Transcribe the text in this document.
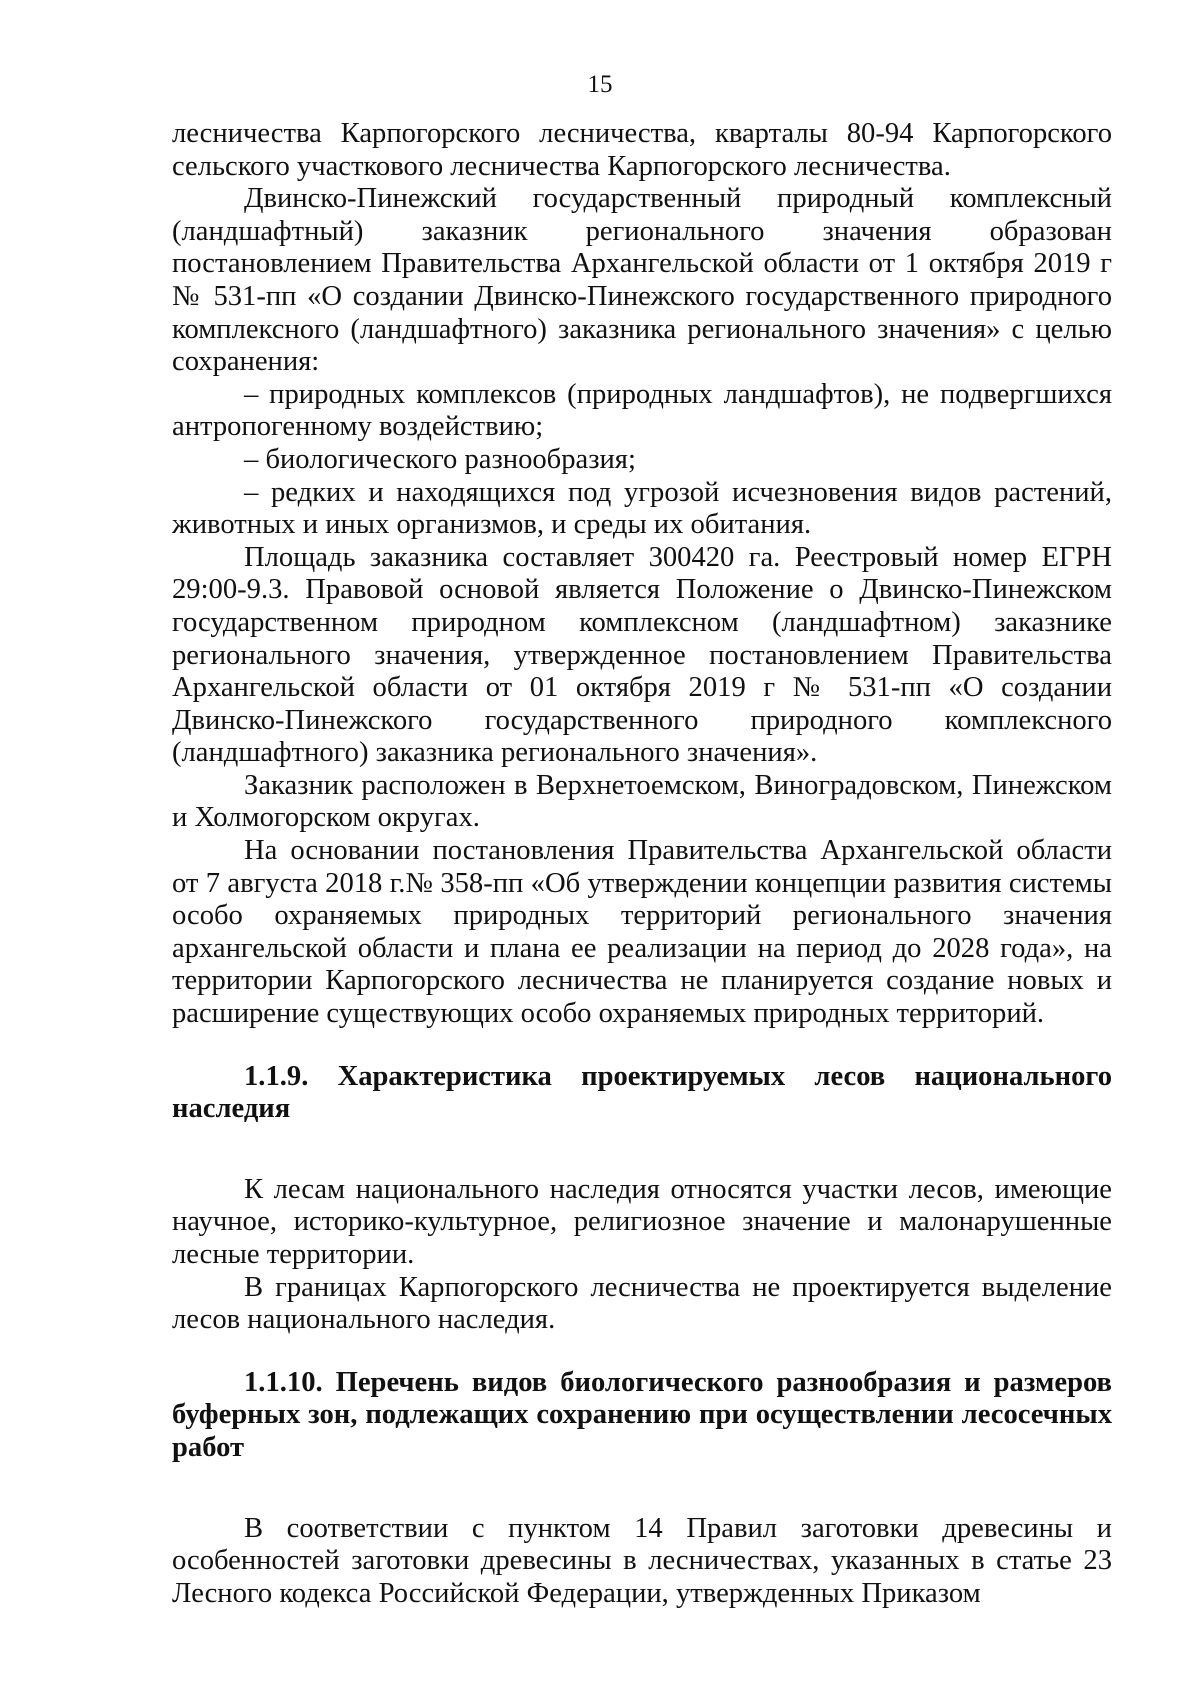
15

лесничества Карпогорского лесничества, кварталы 80-94 Карпогорского сельского участкового лесничества Карпогорского лесничества.

Двинско-Пинежский государственный природный комплексный (ландшафтный) заказник регионального значения образован постановлением Правительства Архангельской области от 1 октября 2019 г № 531-пп «О создании Двинско-Пинежского государственного природного комплексного (ландшафтного) заказника регионального значения» с целью сохранения:

– природных комплексов (природных ландшафтов), не подвергшихся антропогенному воздействию;

– биологического разнообразия;

– редких и находящихся под угрозой исчезновения видов растений, животных и иных организмов, и среды их обитания.

Площадь заказника составляет 300420 га. Реестровый номер ЕГРН 29:00-9.3. Правовой основой является Положение о Двинско-Пинежском государственном природном комплексном (ландшафтном) заказнике регионального значения, утвержденное постановлением Правительства Архангельской области от 01 октября 2019 г № 531-пп «О создании Двинско-Пинежского государственного природного комплексного (ландшафтного) заказника регионального значения».

Заказник расположен в Верхнетоемском, Виноградовском, Пинежском и Холмогорском округах.

На основании постановления Правительства Архангельской области от 7 августа 2018 г.№ 358-пп «Об утверждении концепции развития системы особо охраняемых природных территорий регионального значения архангельской области и плана ее реализации на период до 2028 года», на территории Карпогорского лесничества не планируется создание новых и расширение существующих особо охраняемых природных территорий.

1.1.9. Характеристика проектируемых лесов национального наследия

К лесам национального наследия относятся участки лесов, имеющие научное, историко-культурное, религиозное значение и малонарушенные лесные территории.

В границах Карпогорского лесничества не проектируется выделение лесов национального наследия.

1.1.10. Перечень видов биологического разнообразия и размеров буферных зон, подлежащих сохранению при осуществлении лесосечных работ

В соответствии с пунктом 14 Правил заготовки древесины и особенностей заготовки древесины в лесничествах, указанных в статье 23 Лесного кодекса Российской Федерации, утвержденных Приказом
